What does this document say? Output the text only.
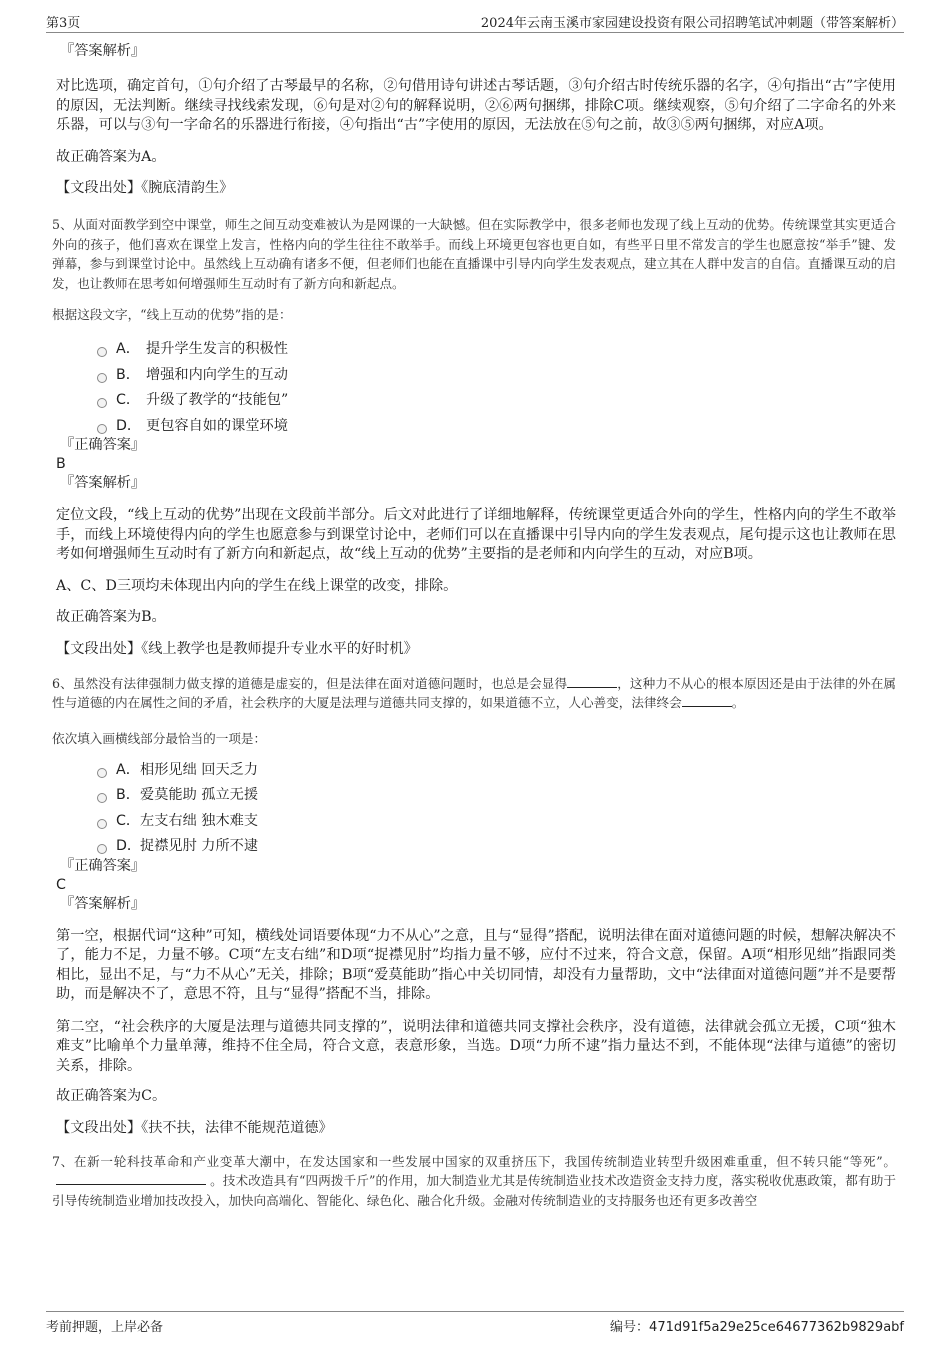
第3页	2024年云南玉溪市家园建设投资有限公司招聘笔试冲刺题（带答案解析）
『答案解析』

对比选项，确定首句，①句介绍了古琴最早的名称，②句借用诗句讲述古琴话题，③句介绍古时传统乐器的名字，④句指出“古”字使用的原因，无法判断。继续寻找线索发现，⑥句是对②句的解释说明，②⑥两句捆绑，排除C项。继续观察，⑤句介绍了二字命名的外来乐器，可以与③句一字命名的乐器进行衔接，④句指出“古”字使用的原因，无法放在⑤句之前，故③⑤两句捆绑，对应A项。

故正确答案为A。
【文段出处】《腕底清韵生》

5、从面对面教学到空中课堂，师生之间互动变难被认为是网课的一大缺憾。但在实际教学中，很多老师也发现了线上互动的优势。传统课堂其实更适合外向的孩子，他们喜欢在课堂上发言，性格内向的学生往往不敢举手。而线上环境更包容也更自如，有些平日里不常发言的学生也愿意按“举手”键、发弹幕，参与到课堂讨论中。虽然线上互动确有诸多不便，但老师们也能在直播课中引导内向学生发表观点，建立其在人群中发言的自信。直播课互动的启发，也让教师在思考如何增强师生互动时有了新方向和新起点。

根据这段文字，“线上互动的优势”指的是：
A． 提升学生发言的积极性
B． 增强和内向学生的互动
C． 升级了教学的“技能包”
D． 更包容自如的课堂环境
『正确答案』
B
『答案解析』

定位文段，“线上互动的优势”出现在文段前半部分。后文对此进行了详细地解释，传统课堂更适合外向的学生，性格内向的学生不敢举手，而线上环境使得内向的学生也愿意参与到课堂讨论中，老师们可以在直播课中引导内向的学生发表观点，尾句提示这也让教师在思考如何增强师生互动时有了新方向和新起点，故“线上互动的优势”主要指的是老师和内向学生的互动，对应B项。

A、C、D三项均未体现出内向的学生在线上课堂的改变，排除。

故正确答案为B。
【文段出处】《线上教学也是教师提升专业水平的好时机》

6、虽然没有法律强制力做支撑的道德是虚妄的，但是法律在面对道德问题时，也总是会显得	，这种力不从心的根本原因还是由于法律的外在属性与道德的内在属性之间的矛盾，社会秩序的大厦是法理与道德共同支撑的，如果道德不立，人心善变，法律终会	。

依次填入画横线部分最恰当的一项是：
A． 相形见绌 回天乏力
B． 爱莫能助 孤立无援
C． 左支右绌 独木难支
D．
捉襟见肘 力所不逮
『正确答案』
C
『答案解析』

第一空，根据代词“这种”可知，横线处词语要体现“力不从心”之意，且与“显得”搭配，说明法律在面对道德问题的时候，想解决解决不了，能力不足，力量不够。C项“左支右绌”和D项“捉襟见肘”均指力量不够，应付不过来，符合文意，保留。A项“相形见绌”指跟同类相比，显出不足，与“力不从心”无关，排除；B项“爱莫能助”指心中关切同情，却没有力量帮助，文中“法律面对道德问题”并不是要帮助，而是解决不了，意思不符，且与“显得”搭配不当，排除。

第二空，“社会秩序的大厦是法理与道德共同支撑的”，说明法律和道德共同支撑社会秩序，没有道德，法律就会孤立无援，C项“独木难支”比喻单个力量单薄，维持不住全局，符合文意，表意形象，当选。D项“力所不逮”指力量达不到，不能体现“法律与道德”的密切关系，排除。

故正确答案为C。
【文段出处】《扶不扶，法律不能规范道德》

7、在新一轮科技革命和产业变革大潮中，在发达国家和一些发展中国家的双重挤压下，我国传统制造业转型升级困难重重，但不转只能“等死”。。技术改造具有“四两拨千斤”的作用，加大制造业尤其是传统制造业技术改造资金支持力度，落实税收优惠政策，都有助于引导传统制造业增加技改投入，加快向高端化、智能化、绿色化、融合化升级。金融对传统制造业的支持服务也还有更多改善空

考前押题，上岸必备	编号：471d91f5a29e25ce64677362b9829abf
